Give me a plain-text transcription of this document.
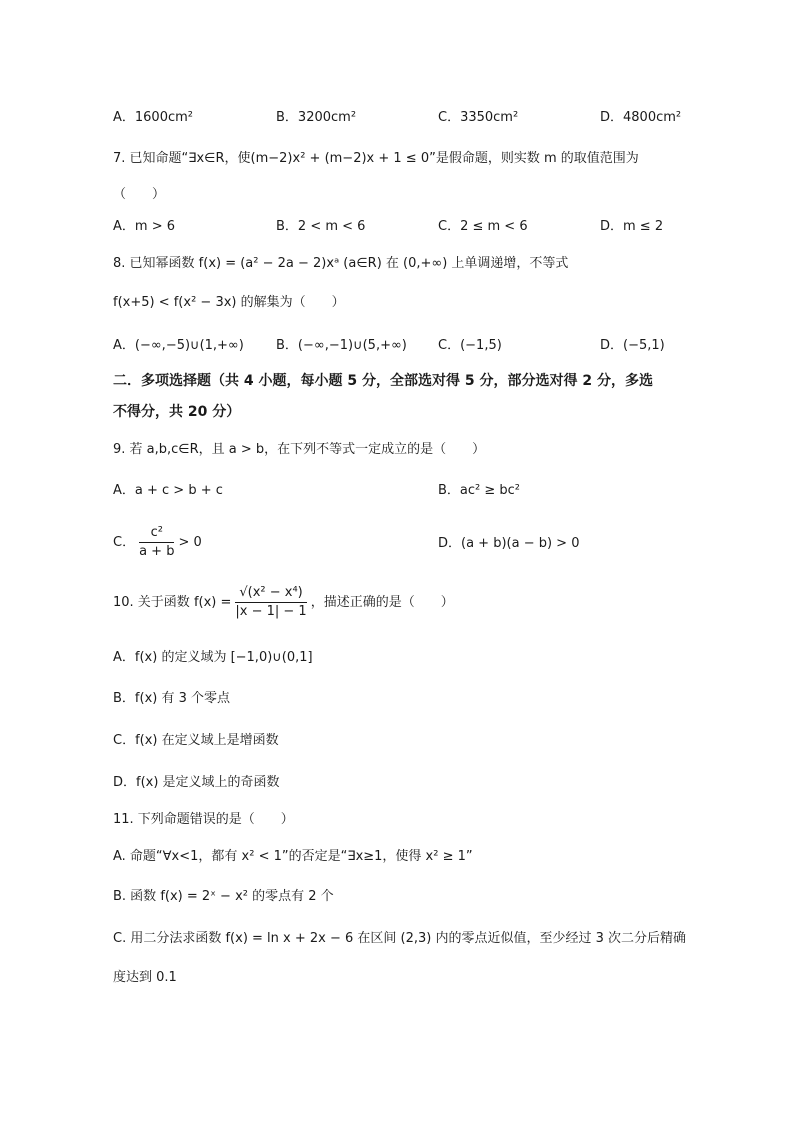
A．1600cm²	B．3200cm²	C．3350cm²	D．4800cm²
7. 已知命题“∃x∈R，使(m−2)x² + (m−2)x + 1 ≤ 0”是假命题，则实数 m 的取值范围为
（　　）
A．m > 6	B．2 < m < 6	C．2 ≤ m < 6	D．m ≤ 2
8. 已知幂函数 f(x) = (a² − 2a − 2)xᵃ (a∈R) 在 (0,+∞) 上单调递增，不等式
f(x+5) < f(x² − 3x) 的解集为（　　）
A．(−∞,−5)∪(1,+∞) B．(−∞,−1)∪(5,+∞) C．(−1,5)	D．(−5,1)
二．多项选择题（共 4 小题，每小题 5 分，全部选对得 5 分，部分选对得 2 分，多选
不得分，共 20 分）
9. 若 a,b,c∈R，且 a > b，在下列不等式一定成立的是（　　）
A．a + c > b + c	B．ac² ≥ bc²
C． $\frac{\text{c²}}{a + b} > 0$	D．(a + b)(a − b) > 0
10. 关于函数 $f(x) = \frac{\text{√(x² − x⁴)}}{|x - 1| - 1}$ ，描述正确的是（　　）
A．f(x) 的定义域为 [−1,0)∪(0,1]
B．f(x) 有 3 个零点
C．f(x) 在定义域上是增函数
D．f(x) 是定义域上的奇函数
11. 下列命题错误的是（　　）
A. 命题“∀x<1，都有 x² < 1”的否定是“∃x≥1，使得 x² ≥ 1”
B. 函数 f(x) = 2ˣ − x² 的零点有 2 个
C. 用二分法求函数 f(x) = ln x + 2x − 6 在区间 (2,3) 内的零点近似值，至少经过 3 次二分后精确
度达到 0.1
